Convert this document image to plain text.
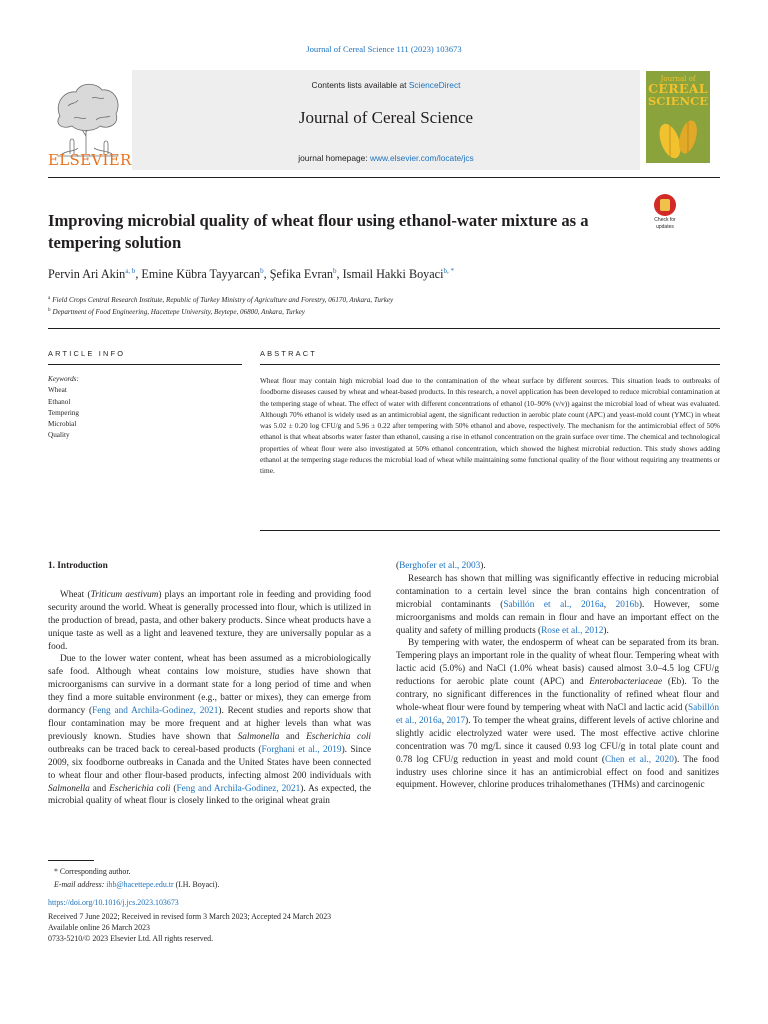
Journal of Cereal Science 111 (2023) 103673
ELSEVIER
Contents lists available at ScienceDirect
Journal of Cereal Science
journal homepage: www.elsevier.com/locate/jcs
Journal of
CEREAL
SCIENCE
Improving microbial quality of wheat flour using ethanol-water mixture as a tempering solution
Check for
updates
Pervin Ari Akin$^{a, b}$, Emine Kübra Tayyarcan$^b$, Şefika Evran$^b$, Ismail Hakki Boyaci$^{b, *}$
$^a$ Field Crops Central Research Institute, Republic of Turkey Ministry of Agriculture and Forestry, 06170, Ankara, Turkey
$^b$ Department of Food Engineering, Hacettepe University, Beytepe, 06800, Ankara, Turkey
ARTICLE INFO	ABSTRACT
Keywords:
Wheat
Ethanol
Tempering
Microbial
Quality
Wheat flour may contain high microbial load due to the contamination of the wheat surface by different sources. This situation leads to outbreaks of foodborne diseases caused by wheat and wheat-based products. In this research, a novel application has been developed to reduce microbial contamination at the tempering stage of wheat. The effect of water with different concentrations of ethanol (10–90% (v/v)) against the microbial load of wheat was evaluated. Although 70% ethanol is widely used as an antimicrobial agent, the significant reduction in aerobic plate count (APC) and yeast-mold count (YMC) in wheat was 5.02 ± 0.20 log CFU/g and 5.96 ± 0.22 after tempering with 50% ethanol and above, respectively. The mechanism for the antimicrobial effect of 50% ethanol is that wheat absorbs water faster than ethanol, causing a rise in ethanol concentration on the grain surface over time. The chemical and technological properties of wheat flour were also investigated at 50% ethanol concentration, which showed the highest microbial reduction. This study shows adding ethanol at the tempering stage reduces the microbial load of wheat while maintaining some functional quality of the flour without requiring any treatments or time.
1. Introduction
Wheat (Triticum aestivum) plays an important role in feeding and providing food security around the world. Wheat is generally processed into flour, which is utilized in the production of bread, pasta, and other bakery products. Since wheat products have a unique taste as well as a light and leavened texture, they are universally popular as a food.
Due to the lower water content, wheat has been assumed as a microbiologically safe food. Although wheat contains low moisture, studies have shown that microorganisms can survive in a dormant state for a long period of time and when they find a more suitable environment (e.g., batter or mixes), they can emerge from dormancy (Feng and Archila-Godinez, 2021). Recent studies and reports show that flour contamination may be more frequent and at higher levels than what was previously known. Studies have shown that Salmonella and Escherichia coli outbreaks can be traced back to cereal-based products (Forghani et al., 2019). Since 2009, six foodborne outbreaks in Canada and the United States have been connected to wheat flour and other flour-based products, infecting almost 200 individuals with Salmonella and Escherichia coli (Feng and Archila-Godinez, 2021). As expected, the microbial quality of wheat flour is closely linked to the original wheat grain
(Berghofer et al., 2003).
Research has shown that milling was significantly effective in reducing microbial contamination to a certain level since the bran contains high concentration of microbial contaminants (Sabillón et al., 2016a, 2016b). However, some microorganisms and molds can remain in flour and have an important effect on the quality and safety of milling products (Rose et al., 2012).
By tempering with water, the endosperm of wheat can be separated from its bran. Tempering plays an important role in the quality of wheat flour. Tempering wheat with lactic acid (5.0%) and NaCl (1.0% wheat basis) caused almost 3.0–4.5 log CFU/g reductions for aerobic plate count (APC) and Enterobacteriaceae (Eb). To the contrary, no significant differences in the functionality of refined wheat flour and whole-wheat flour were found by tempering wheat with NaCl and lactic acid (Sabillón et al., 2016a, 2017). To temper the wheat grains, different levels of active chlorine and slightly acidic electrolyzed water were used. The most effective active chlorine concentration was 70 mg/L since it caused 0.93 log CFU/g in total plate count and 0.78 log CFU/g reduction in yeast and mold count (Chen et al., 2020). The food industry uses chlorine since it has an antimicrobial effect on food and sanitizes equipment. However, chlorine produces trihalomethanes (THMs) and carcinogenic
* Corresponding author.
E-mail address: ihb@hacettepe.edu.tr (I.H. Boyaci).
https://doi.org/10.1016/j.jcs.2023.103673
Received 7 June 2022; Received in revised form 3 March 2023; Accepted 24 March 2023
Available online 26 March 2023
0733-5210/© 2023 Elsevier Ltd. All rights reserved.
